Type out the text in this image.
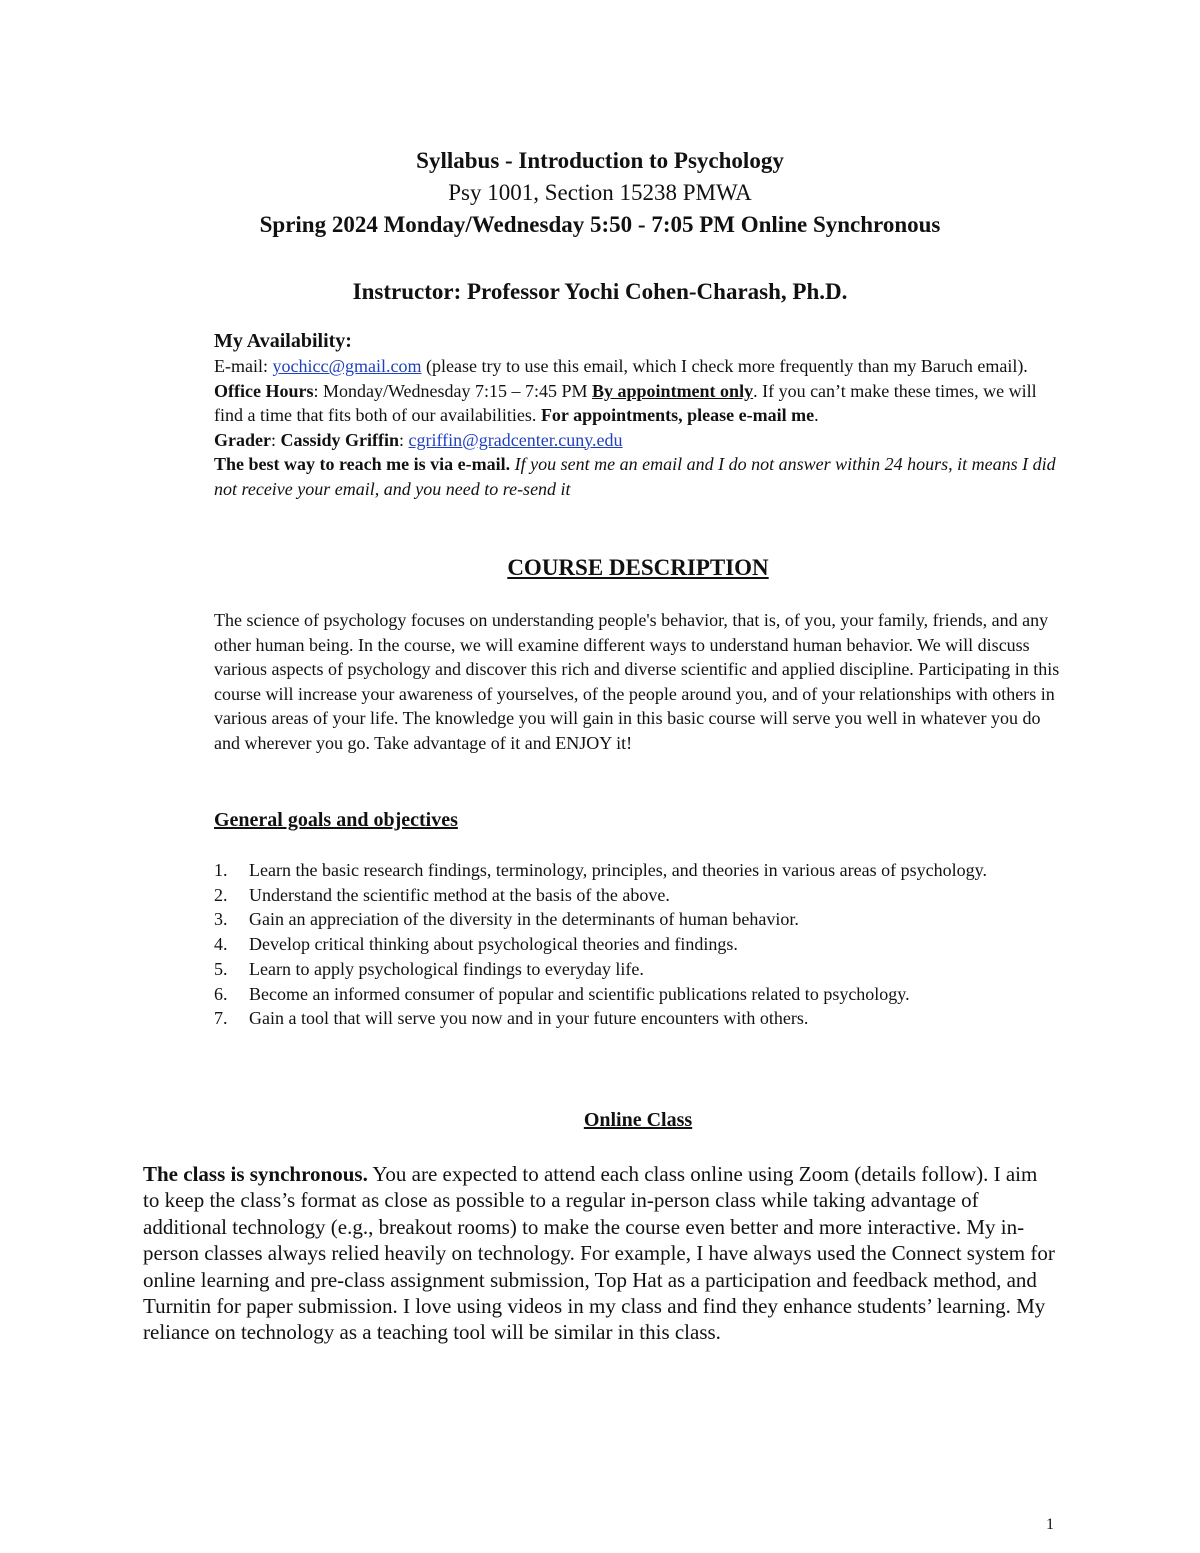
Syllabus - Introduction to Psychology
Psy 1001, Section 15238 PMWA
Spring 2024 Monday/Wednesday 5:50 - 7:05 PM Online Synchronous
Instructor: Professor Yochi Cohen-Charash, Ph.D.
My Availability:
E-mail: yochicc@gmail.com (please try to use this email, which I check more frequently than my Baruch email).
Office Hours: Monday/Wednesday 7:15 – 7:45 PM By appointment only. If you can’t make these times, we will find a time that fits both of our availabilities. For appointments, please e-mail me.
Grader: Cassidy Griffin: cgriffin@gradcenter.cuny.edu
The best way to reach me is via e-mail. If you sent me an email and I do not answer within 24 hours, it means I did not receive your email, and you need to re-send it
COURSE DESCRIPTION
The science of psychology focuses on understanding people's behavior, that is, of you, your family, friends, and any other human being. In the course, we will examine different ways to understand human behavior. We will discuss various aspects of psychology and discover this rich and diverse scientific and applied discipline. Participating in this course will increase your awareness of yourselves, of the people around you, and of your relationships with others in various areas of your life. The knowledge you will gain in this basic course will serve you well in whatever you do and wherever you go. Take advantage of it and ENJOY it!
General goals and objectives
1. Learn the basic research findings, terminology, principles, and theories in various areas of psychology.
2. Understand the scientific method at the basis of the above.
3. Gain an appreciation of the diversity in the determinants of human behavior.
4. Develop critical thinking about psychological theories and findings.
5. Learn to apply psychological findings to everyday life.
6. Become an informed consumer of popular and scientific publications related to psychology.
7. Gain a tool that will serve you now and in your future encounters with others.
Online Class
The class is synchronous. You are expected to attend each class online using Zoom (details follow). I aim to keep the class’s format as close as possible to a regular in-person class while taking advantage of additional technology (e.g., breakout rooms) to make the course even better and more interactive. My in-person classes always relied heavily on technology. For example, I have always used the Connect system for online learning and pre-class assignment submission, Top Hat as a participation and feedback method, and Turnitin for paper submission. I love using videos in my class and find they enhance students’ learning. My reliance on technology as a teaching tool will be similar in this class.
1
